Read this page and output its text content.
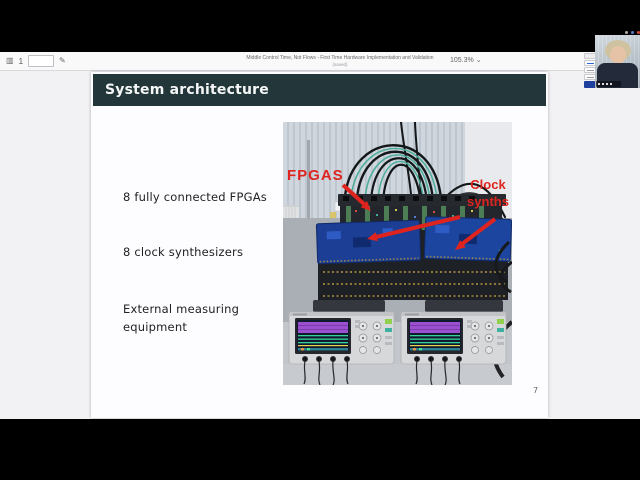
▥ 1	✎	Middle Control Time, Not Flows - First Time Hardware Implementation and Validation
(saved)
105.3% ⌄
System architecture
8 fully connected FPGAs
8 clock synthesizers
External measuring equipment
FPGAS
Clock
synths
7
